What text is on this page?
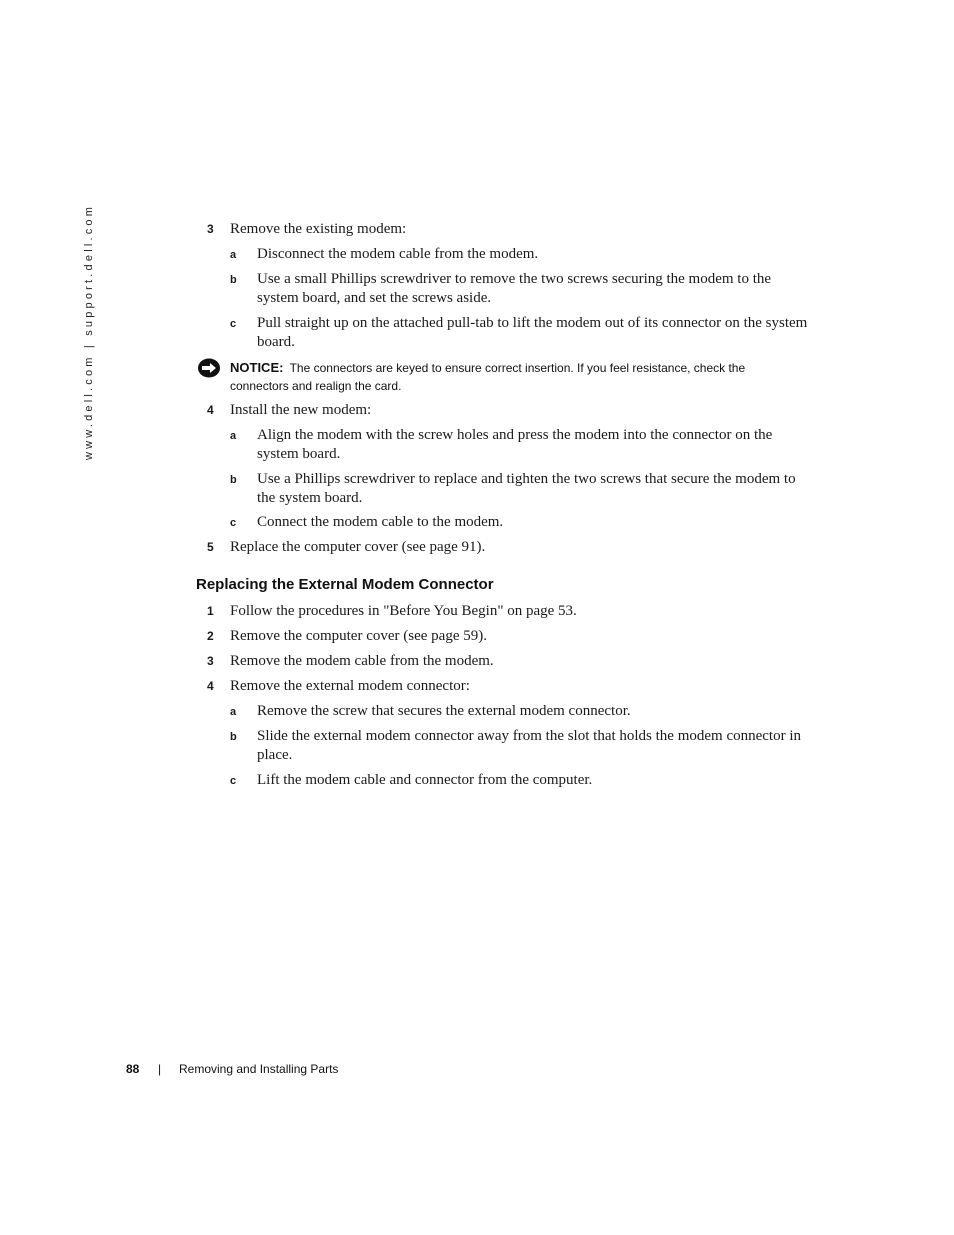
www.dell.com | support.dell.com	3 Remove the existing modem:
a Disconnect the modem cable from the modem.
b Use a small Phillips screwdriver to remove the two screws securing the modem to the system board, and set the screws aside.
c Pull straight up on the attached pull-tab to lift the modem out of its connector on the system board.
NOTICE: The connectors are keyed to ensure correct insertion. If you feel resistance, check the connectors and realign the card.
4 Install the new modem:
a Align the modem with the screw holes and press the modem into the connector on the system board.
b Use a Phillips screwdriver to replace and tighten the two screws that secure the modem to the system board.
c Connect the modem cable to the modem.
5 Replace the computer cover (see page 91).
Replacing the External Modem Connector
1 Follow the procedures in "Before You Begin" on page 53.
2 Remove the computer cover (see page 59).
3 Remove the modem cable from the modem.
4 Remove the external modem connector:
a Remove the screw that secures the external modem connector.
b Slide the external modem connector away from the slot that holds the modem connector in place.
c Lift the modem cable and connector from the computer.
88 | Removing and Installing Parts
